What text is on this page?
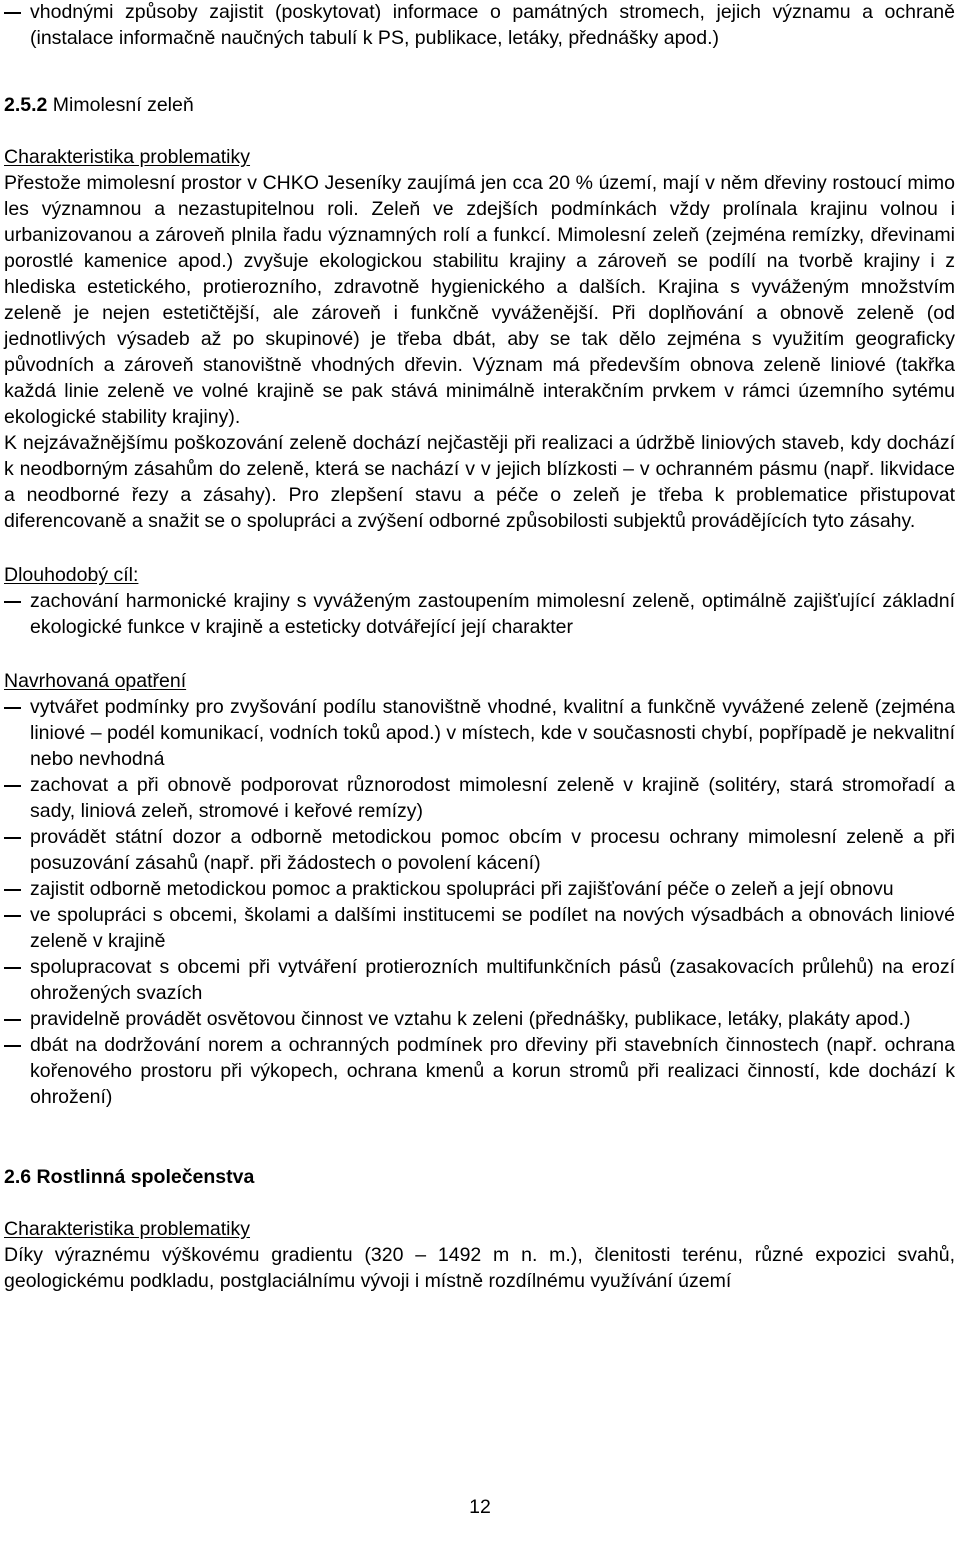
vhodnými způsoby zajistit (poskytovat) informace o památných stromech, jejich významu a ochraně (instalace informačně naučných tabulí k PS, publikace, letáky, přednášky apod.)
2.5.2 Mimolesní zeleň
Charakteristika problematiky

Přestože mimolesní prostor v CHKO Jeseníky zaujímá jen cca 20 % území, mají v něm dřeviny rostoucí mimo les významnou a nezastupitelnou roli. Zeleň ve zdejších podmínkách vždy prolínala krajinu volnou i urbanizovanou a zároveň plnila řadu významných rolí a funkcí. Mimolesní zeleň (zejména remízky, dřevinami porostlé kamenice apod.) zvyšuje ekologickou stabilitu krajiny a zároveň se podílí na tvorbě krajiny i z hlediska estetického, protierozního, zdravotně hygienického a dalších. Krajina s vyváženým množstvím zeleně je nejen estetičtější, ale zároveň i funkčně vyváženější. Při doplňování a obnově zeleně (od jednotlivých výsadeb až po skupinové) je třeba dbát, aby se tak dělo zejména s využitím geograficky původních a zároveň stanovištně vhodných dřevin. Význam má především obnova zeleně liniové (takřka každá linie zeleně ve volné krajině se pak stává minimálně interakčním prvkem v rámci územního sytému ekologické stability krajiny).

K nejzávažnějšímu poškozování zeleně dochází nejčastěji při realizaci a údržbě liniových staveb, kdy dochází k neodborným zásahům do zeleně, která se nachází v v jejich blízkosti – v ochranném pásmu (např. likvidace a neodborné řezy a zásahy). Pro zlepšení stavu a péče o zeleň je třeba k problematice přistupovat diferencovaně a snažit se o spolupráci a zvýšení odborné způsobilosti subjektů provádějících tyto zásahy.

Dlouhodobý cíl:
zachování harmonické krajiny s vyváženým zastoupením mimolesní zeleně, optimálně zajišťující základní ekologické funkce v krajině a esteticky dotvářející její charakter
Navrhovaná opatření
vytvářet podmínky pro zvyšování podílu stanovištně vhodné, kvalitní a funkčně vyvážené zeleně (zejména liniové – podél komunikací, vodních toků apod.) v místech, kde v současnosti chybí, popřípadě je nekvalitní nebo nevhodná
zachovat a při obnově podporovat různorodost mimolesní zeleně v krajině (solitéry, stará stromořadí a sady, liniová zeleň, stromové i keřové remízy)
provádět státní dozor a odborně metodickou pomoc obcím v procesu ochrany mimolesní zeleně a při posuzování zásahů (např. při žádostech o povolení kácení)
zajistit odborně metodickou pomoc a praktickou spolupráci při zajišťování péče o zeleň a její obnovu
ve spolupráci s obcemi, školami a dalšími institucemi se podílet na nových výsadbách a obnovách liniové zeleně v krajině
spolupracovat s obcemi při vytváření protierozních multifunkčních pásů (zasakovacích průlehů) na erozí ohrožených svazích
pravidelně provádět osvětovou činnost ve vztahu k zeleni (přednášky, publikace, letáky, plakáty apod.)
dbát na dodržování norem a ochranných podmínek pro dřeviny při stavebních činnostech (např. ochrana kořenového prostoru při výkopech, ochrana kmenů a korun stromů při realizaci činností, kde dochází k ohrožení)
2.6 Rostlinná společenstva
Charakteristika problematiky

Díky výraznému výškovému gradientu (320 – 1492 m n. m.), členitosti terénu, různé expozici svahů, geologickému podkladu, postglaciálnímu vývoji i místně rozdílnému využívání území

12
